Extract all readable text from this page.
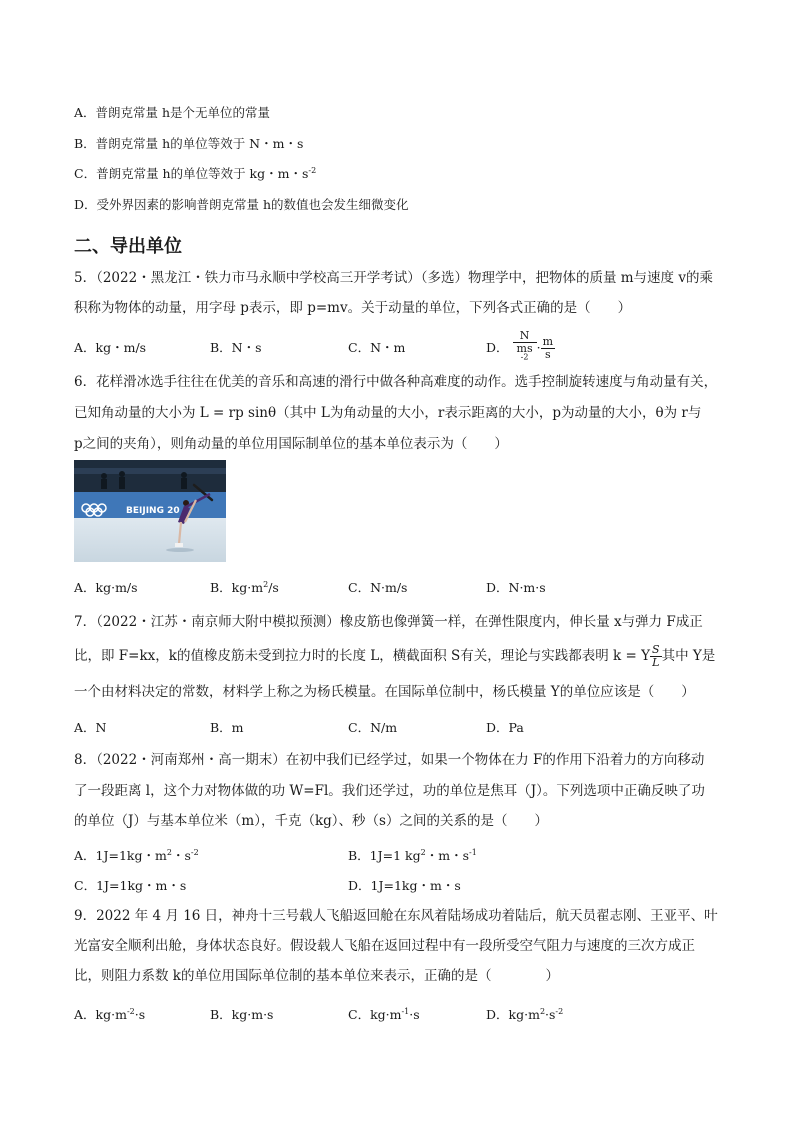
A．普朗克常量 h是个无单位的常量
B．普朗克常量 h的单位等效于 N・m・s
C．普朗克常量 h的单位等效于 kg・m・$s^{-2}$
D．受外界因素的影响普朗克常量 h的数值也会发生细微变化
二、导出单位
5．（2022・黑龙江・铁力市马永顺中学校高三开学考试）（多选）物理学中，把物体的质量 m与速度 v的乘
积称为物体的动量，用字母 p表示，即 p=mv。关于动量的单位，下列各式正确的是（　　）
A．kg・m/s	B．N・s	C．N・m	D． N
ms
$^{-2} \cdot \frac{m}{s}$
6．花样滑冰选手往往在优美的音乐和高速的滑行中做各种高难度的动作。选手控制旋转速度与角动量有关，
已知角动量的大小为 L = rp sinθ（其中 L为角动量的大小，r表示距离的大小，p为动量的大小，θ为 r与
p之间的夹角），则角动量的单位用国际制单位的基本单位表示为（　　）
BEIJING 20
A．kg·m/s	B．$kg\cdot m^2/s$	C．N·m/s	D．N·m·s
7．（2022・江苏・南京师大附中模拟预测）橡皮筋也像弹簧一样，在弹性限度内，伸长量 x与弹力 F成正
比，即 F=kx，k的值橡皮筋未受到拉力时的长度 L，横截面积 S有关，理论与实践都表明 k = Y $\frac{S}{L}$ 其中 Y是
一个由材料决定的常数，材料学上称之为杨氏模量。在国际单位制中，杨氏模量 Y的单位应该是（　　）
A．N	B．m	C．N/m	D．Pa
8．（2022・河南郑州・高一期末）在初中我们已经学过，如果一个物体在力 F的作用下沿着力的方向移动
了一段距离 l，这个力对物体做的功 W=Fl。我们还学过，功的单位是焦耳（J）。下列选项中正确反映了功
的单位（J）与基本单位米（m），千克（kg）、秒（s）之间的关系的是（　　）
A．1J=1kg・$m^2$・$s^{-2}$	B．1J=1 $kg^2$・m・$s^{-1}$
C．1J=1kg・m・s	D．1J=1kg・m・s
9．2022 年 4 月 16 日，神舟十三号载人飞船返回舱在东风着陆场成功着陆后，航天员翟志刚、王亚平、叶
光富安全顺利出舱，身体状态良好。假设载人飞船在返回过程中有一段所受空气阻力与速度的三次方成正
比，则阻力系数 k的单位用国际单位制的基本单位来表示，正确的是（　　　　）
A．$kg\cdot m^{-2}\cdot s$	B．kg·m·s	C．$kg\cdot m^{-1}\cdot s$	D．$kg\cdot m^2\cdot s^{-2}$
